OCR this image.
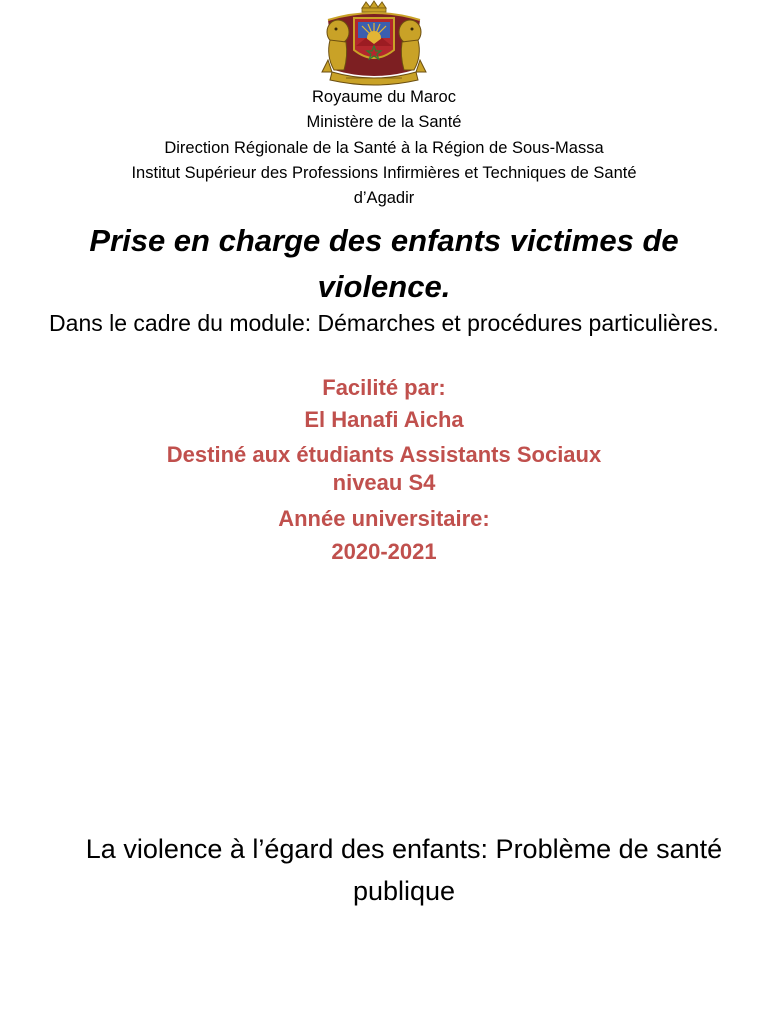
Royaume du Maroc
Ministère de la Santé
Direction Régionale de la Santé à la Région de Sous-Massa
Institut Supérieur des Professions Infirmières et Techniques de Santé
d’Agadir
Prise en charge des enfants victimes de violence.
Dans le cadre du module: Démarches et procédures particulières.
Facilité par:
El Hanafi Aicha
Destiné aux étudiants Assistants Sociaux
niveau S4
Année universitaire:
2020-2021
La violence à l’égard des enfants: Problème de santé publique
